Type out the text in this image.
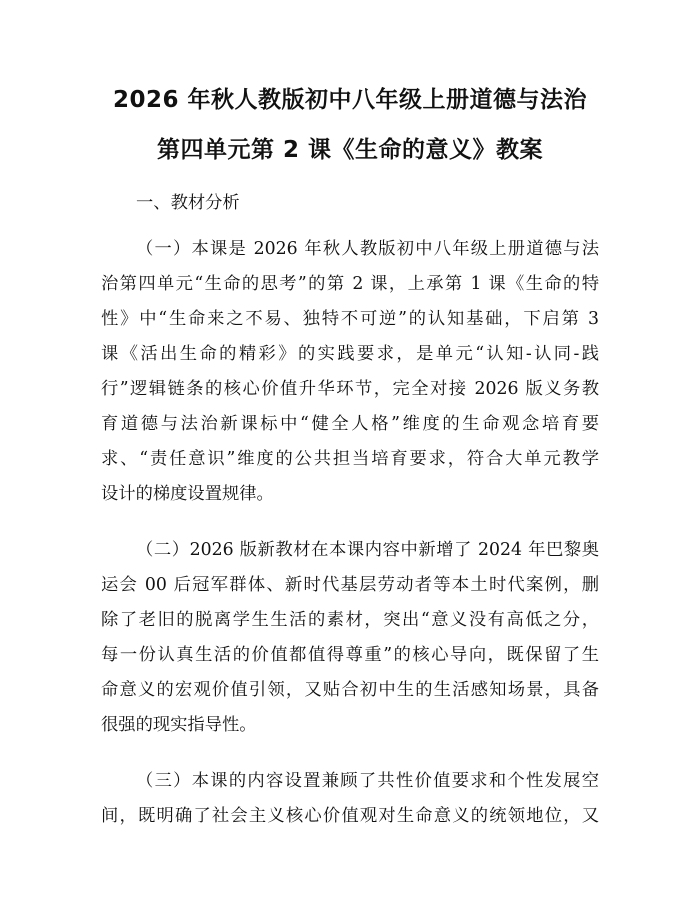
2026 年秋人教版初中八年级上册道德与法治
第四单元第 2 课《生命的意义》教案
一、教材分析
（一）本课是 2026 年秋人教版初中八年级上册道德与法
治第四单元“生命的思考”的第 2 课，上承第 1 课《生命的特
性》中“生命来之不易、独特不可逆”的认知基础，下启第 3
课《活出生命的精彩》的实践要求，是单元“认知-认同-践
行”逻辑链条的核心价值升华环节，完全对接 2026 版义务教
育道德与法治新课标中“健全人格”维度的生命观念培育要
求、“责任意识”维度的公共担当培育要求，符合大单元教学
设计的梯度设置规律。
（二）2026 版新教材在本课内容中新增了 2024 年巴黎奥
运会 00 后冠军群体、新时代基层劳动者等本土时代案例，删
除了老旧的脱离学生生活的素材，突出“意义没有高低之分，
每一份认真生活的价值都值得尊重”的核心导向，既保留了生
命意义的宏观价值引领，又贴合初中生的生活感知场景，具备
很强的现实指导性。
（三）本课的内容设置兼顾了共性价值要求和个性发展空
间，既明确了社会主义核心价值观对生命意义的统领地位，又
